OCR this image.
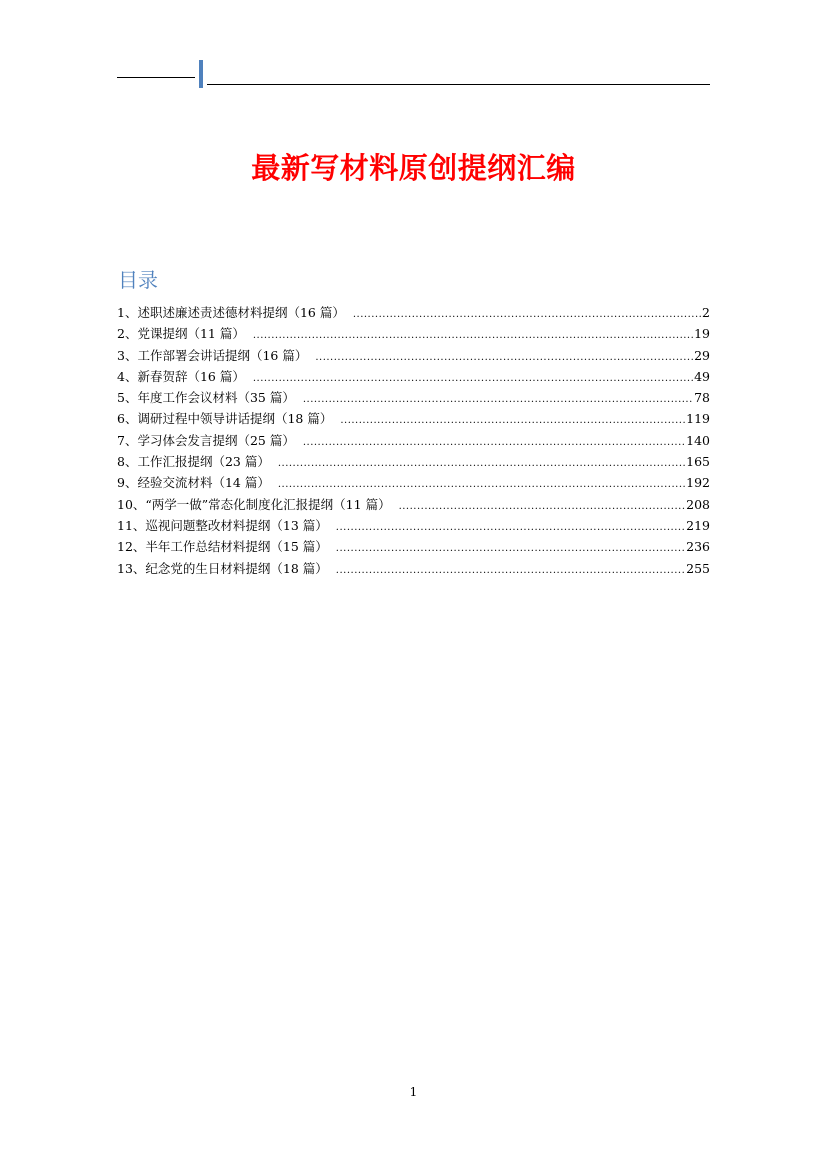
最新写材料原创提纲汇编
目录
1、述职述廉述责述德材料提纲（16 篇） .....	2
2、党课提纲（11 篇） .....	19
3、工作部署会讲话提纲（16 篇） .....	29
4、新春贺辞（16 篇） .....	49
5、年度工作会议材料（35 篇） .....	78
6、调研过程中领导讲话提纲（18 篇） .....	119
7、学习体会发言提纲（25 篇） .....	140
8、工作汇报提纲（23 篇） .....	165
9、经验交流材料（14 篇） .....	192
10、“两学一做”常态化制度化汇报提纲（11 篇） .....	208
11、巡视问题整改材料提纲（13 篇） .....	219
12、半年工作总结材料提纲（15 篇） .....	236
13、纪念党的生日材料提纲（18 篇） .....	255
1
